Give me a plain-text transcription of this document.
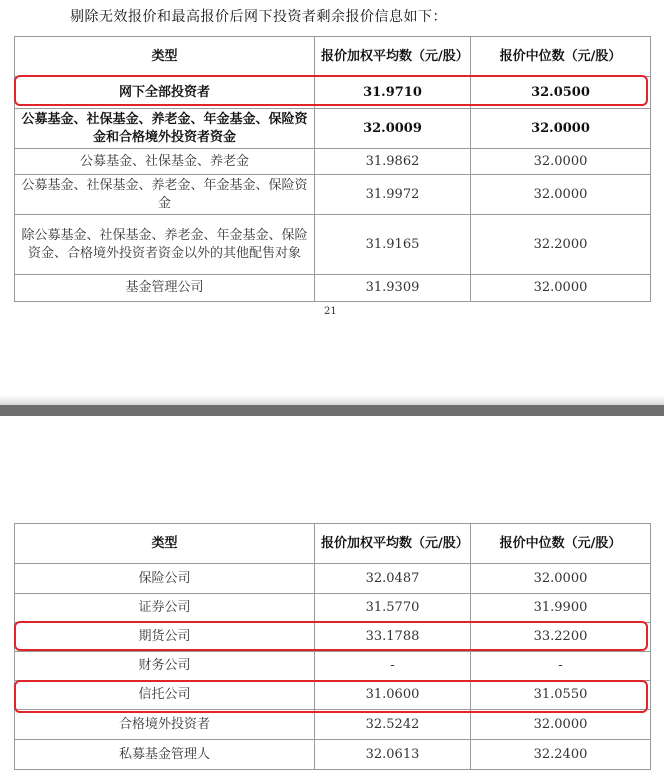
剔除无效报价和最高报价后网下投资者剩余报价信息如下：
类型	报价加权平均数（元/股）	报价中位数（元/股）
网下全部投资者	31.9710	32.0500
公募基金、社保基金、养老金、年金基金、保险资金和合格境外投资者资金	32.0009	32.0000
公募基金、社保基金、养老金	31.9862	32.0000
公募基金、社保基金、养老金、年金基金、保险资金	31.9972	32.0000
除公募基金、社保基金、养老金、年金基金、保险资金、合格境外投资者资金以外的其他配售对象	31.9165	32.2000
基金管理公司	31.9309	32.0000
21
类型	报价加权平均数（元/股）	报价中位数（元/股）
保险公司	32.0487	32.0000
证券公司	31.5770	31.9900
期货公司	33.1788	33.2200
财务公司	-	-
信托公司	31.0600	31.0550
合格境外投资者	32.5242	32.0000
私募基金管理人	32.0613	32.2400
